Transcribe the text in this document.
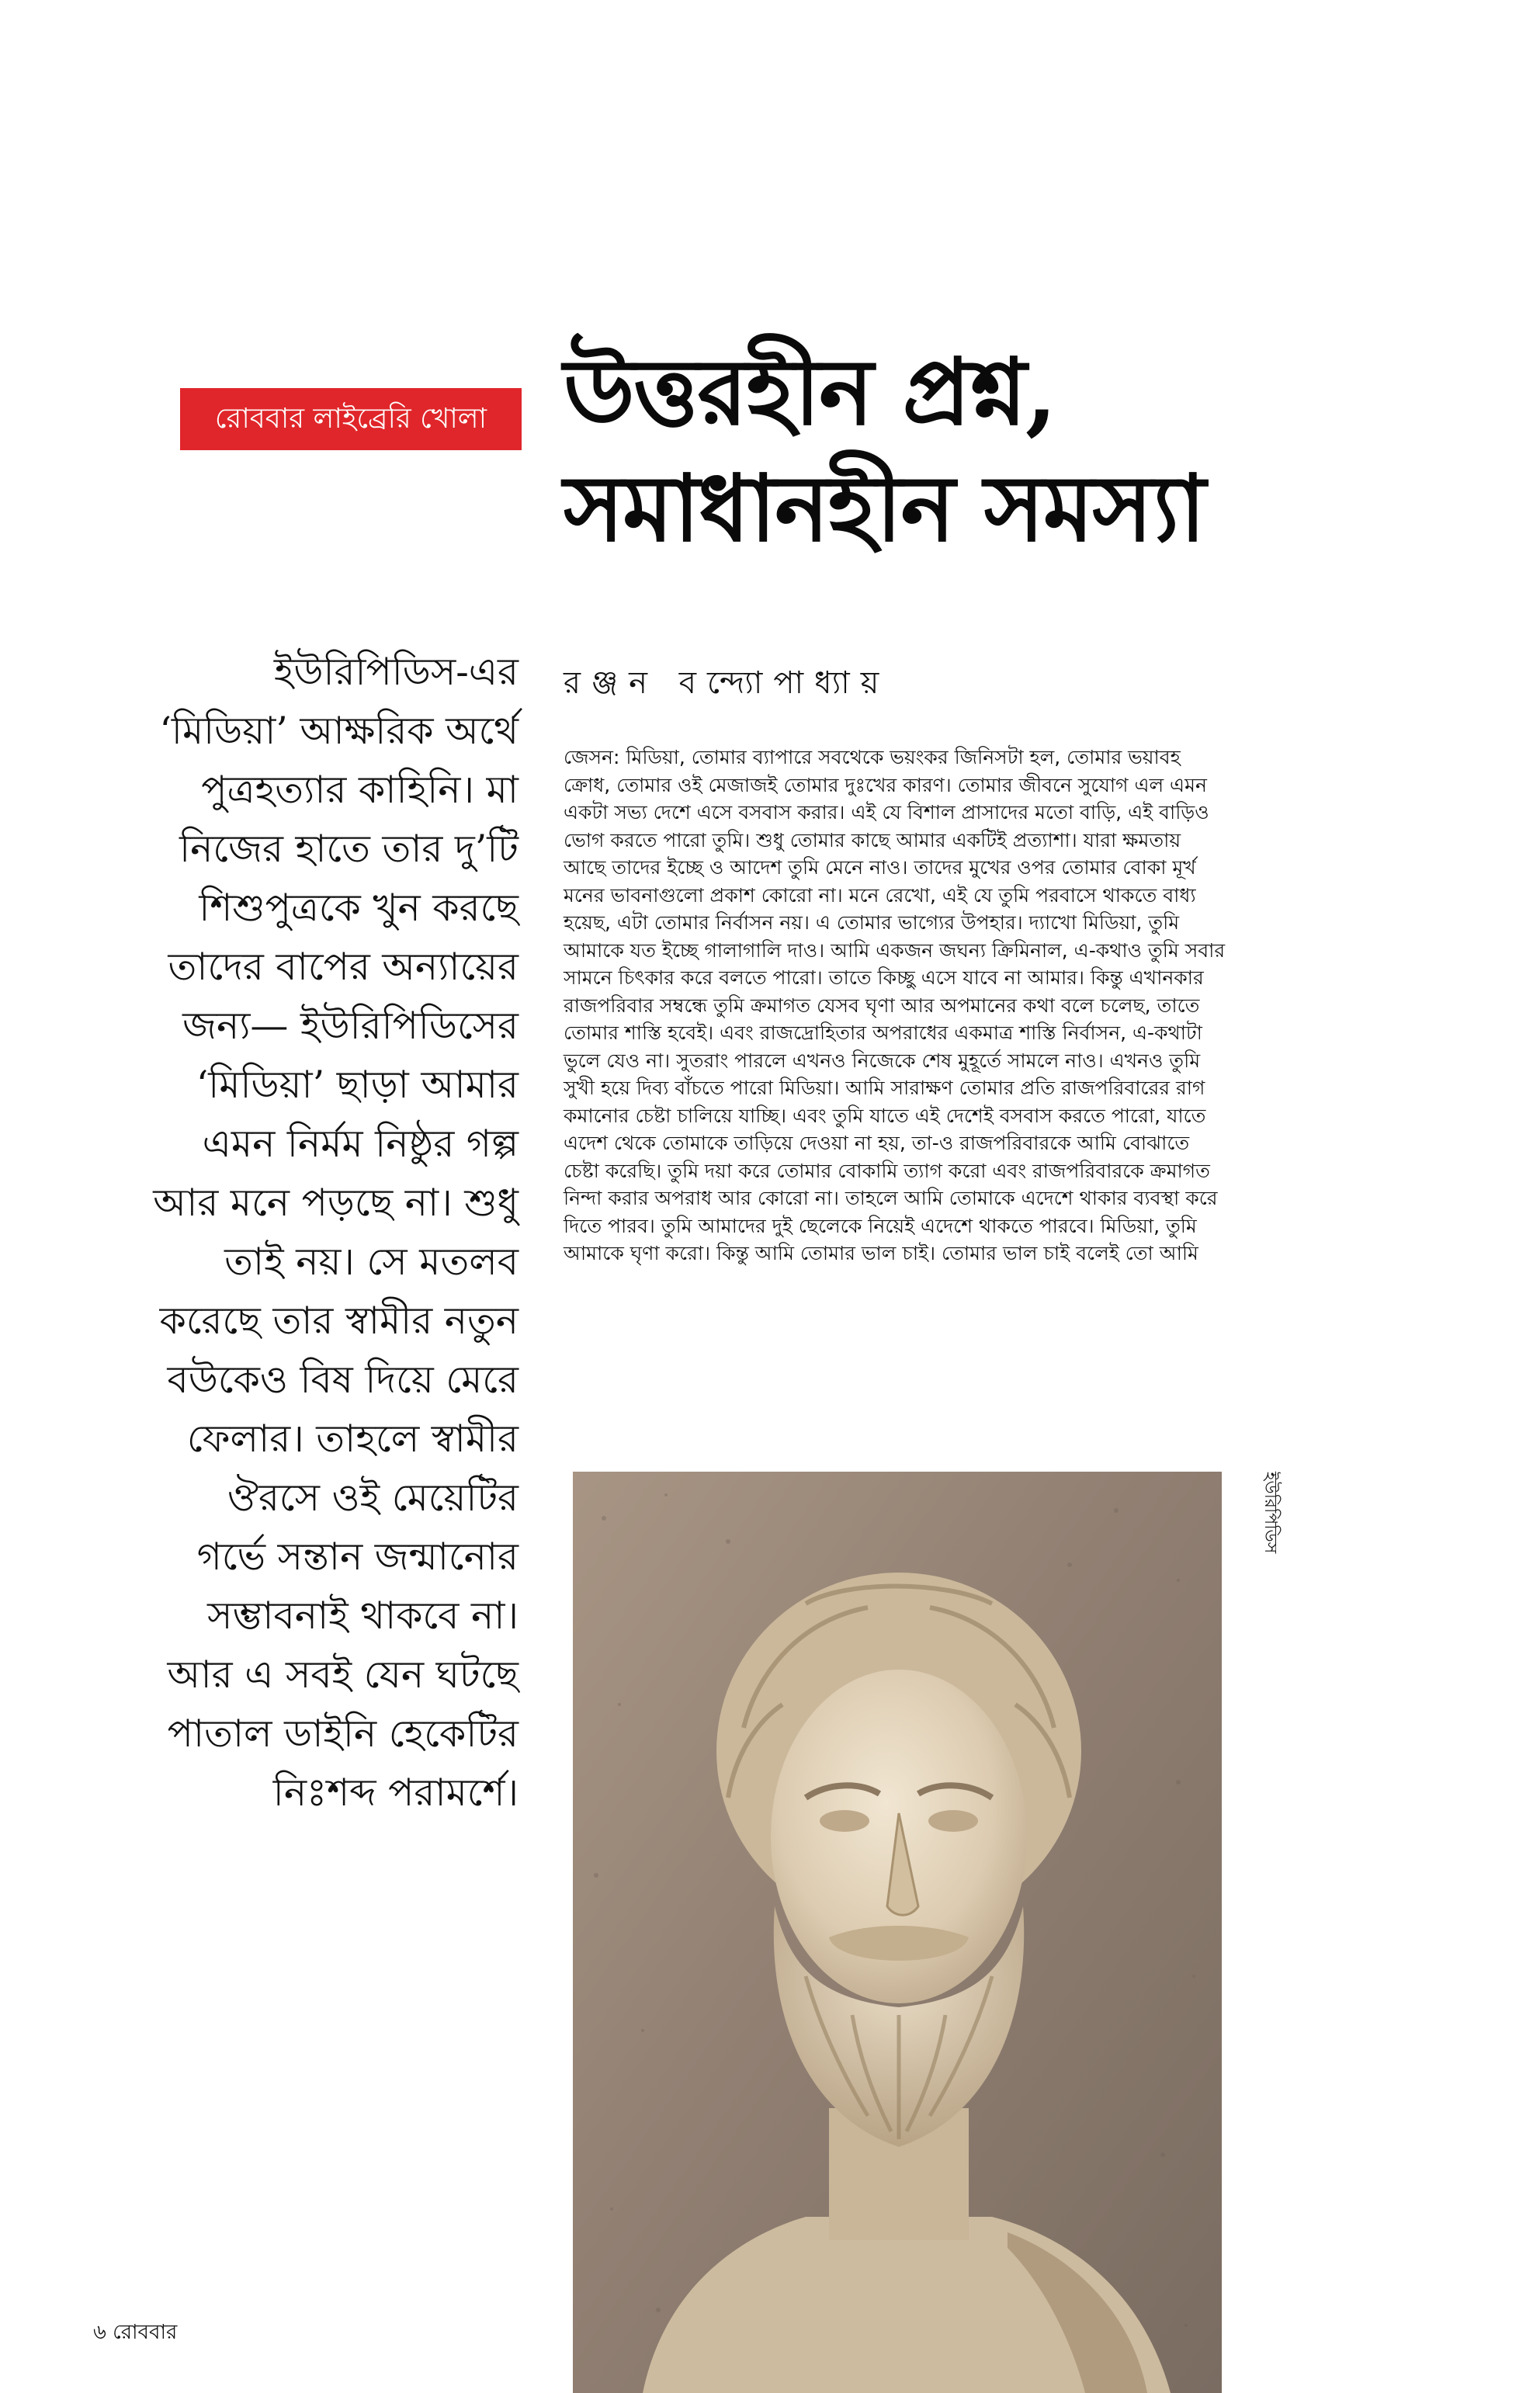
রোববার লাইব্রেরি খোলা উত্তরহীন প্রশ্ন,
সমাধানহীন সমস্যা
রঞ্জন বন্দ্যোপাধ্যায়

ইউরিপিডিস-এর
‘মিডিয়া’ আক্ষরিক অর্থে
পুত্রহত্যার কাহিনি। মা
নিজের হাতে তার দু’টি
শিশুপুত্রকে খুন করছে
তাদের বাপের অন্যায়ের
জন্য— ইউরিপিডিসের
‘মিডিয়া’ ছাড়া আমার
এমন নির্মম নিষ্ঠুর গল্প
আর মনে পড়ছে না। শুধু
তাই নয়। সে মতলব
করেছে তার স্বামীর নতুন
বউকেও বিষ দিয়ে মেরে
ফেলার। তাহলে স্বামীর
ঔরসে ওই মেয়েটির
গর্ভে সন্তান জন্মানোর
সম্ভাবনাই থাকবে না।
আর এ সবই যেন ঘটছে
পাতাল ডাইনি হেকেটির
নিঃশব্দ পরামর্শে।

জেসন: মিডিয়া, তোমার ব্যাপারে সবথেকে ভয়ংকর জিনিসটা হল, তোমার ভয়াবহ
ক্রোধ, তোমার ওই মেজাজই তোমার দুঃখের কারণ। তোমার জীবনে সুযোগ এল এমন
একটা সভ্য দেশে এসে বসবাস করার। এই যে বিশাল প্রাসাদের মতো বাড়ি, এই বাড়িও
ভোগ করতে পারো তুমি। শুধু তোমার কাছে আমার একটিই প্রত্যাশা। যারা ক্ষমতায়
আছে তাদের ইচ্ছে ও আদেশ তুমি মেনে নাও। তাদের মুখের ওপর তোমার বোকা মূর্খ
মনের ভাবনাগুলো প্রকাশ কোরো না। মনে রেখো, এই যে তুমি পরবাসে থাকতে বাধ্য
হয়েছ, এটা তোমার নির্বাসন নয়। এ তোমার ভাগ্যের উপহার। দ্যাখো মিডিয়া, তুমি
আমাকে যত ইচ্ছে গালাগালি দাও। আমি একজন জঘন্য ক্রিমিনাল, এ-কথাও তুমি সবার
সামনে চিৎকার করে বলতে পারো। তাতে কিচ্ছু এসে যাবে না আমার। কিন্তু এখানকার
রাজপরিবার সম্বন্ধে তুমি ক্রমাগত যেসব ঘৃণা আর অপমানের কথা বলে চলেছ, তাতে
তোমার শাস্তি হবেই। এবং রাজদ্রোহিতার অপরাধের একমাত্র শাস্তি নির্বাসন, এ-কথাটা
ভুলে যেও না। সুতরাং পারলে এখনও নিজেকে শেষ মুহূর্তে সামলে নাও। এখনও তুমি
সুখী হয়ে দিব্য বাঁচতে পারো মিডিয়া। আমি সারাক্ষণ তোমার প্রতি রাজপরিবারের রাগ
কমানোর চেষ্টা চালিয়ে যাচ্ছি। এবং তুমি যাতে এই দেশেই বসবাস করতে পারো, যাতে
এদেশ থেকে তোমাকে তাড়িয়ে দেওয়া না হয়, তা-ও রাজপরিবারকে আমি বোঝাতে
চেষ্টা করেছি। তুমি দয়া করে তোমার বোকামি ত্যাগ করো এবং রাজপরিবারকে ক্রমাগত
নিন্দা করার অপরাধ আর কোরো না। তাহলে আমি তোমাকে এদেশে থাকার ব্যবস্থা করে
দিতে পারব। তুমি আমাদের দুই ছেলেকে নিয়েই এদেশে থাকতে পারবে। মিডিয়া, তুমি
আমাকে ঘৃণা করো। কিন্তু আমি তোমার ভাল চাই। তোমার ভাল চাই বলেই তো আমি

ইউরিপিডিস
৬ রোববার
